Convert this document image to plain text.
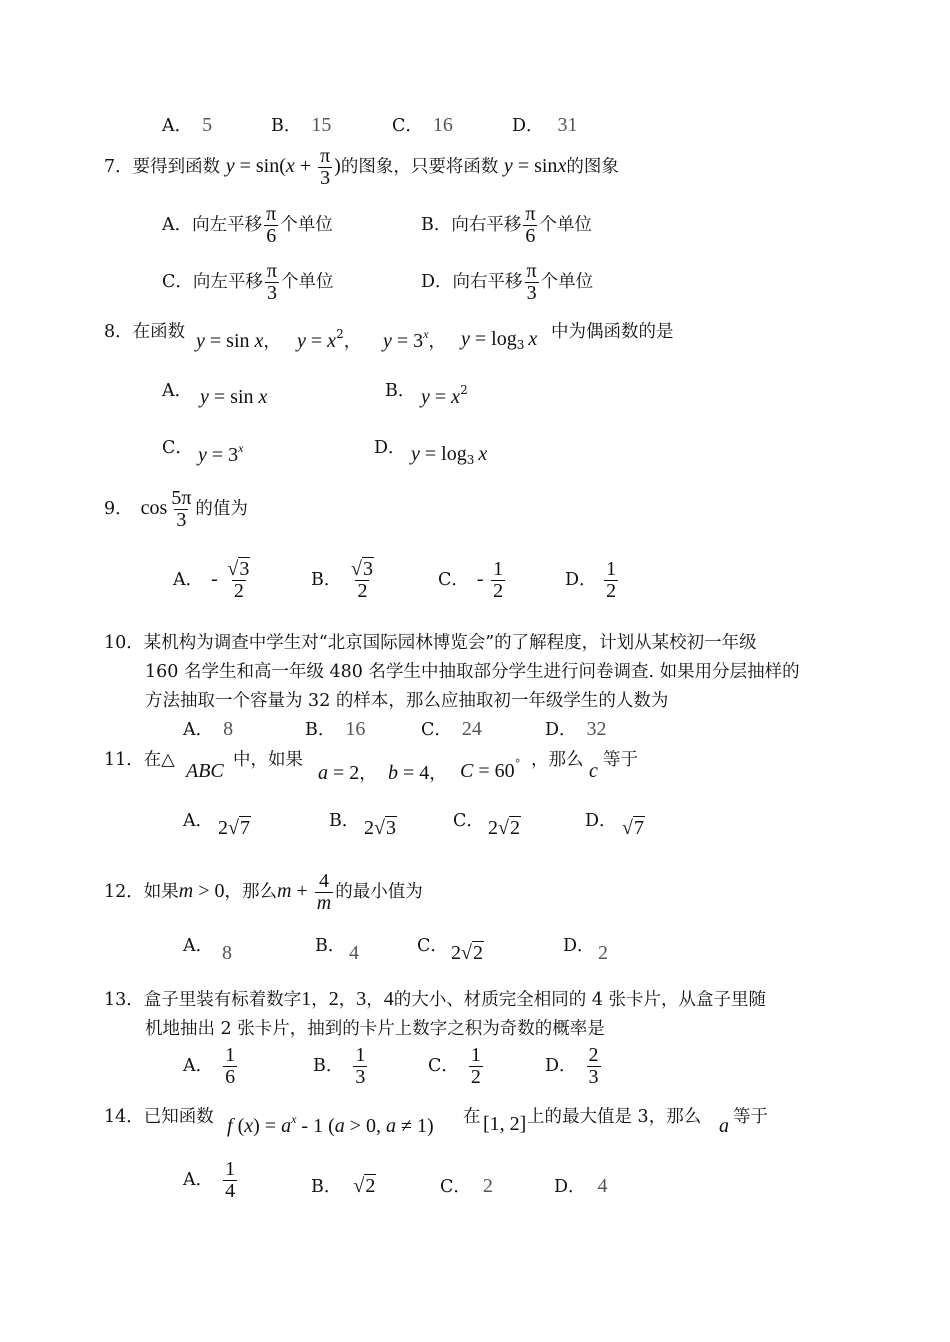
A． 5	B． 15	C． 16	D． 31
7．要得到函数 $y = \sin(x + \frac{\pi}{3}$ )的图象，只要将函数 y = sinx的图象
A．向左平移 $\frac{\pi}{6}$ 个单位	B．向右平移 $\frac{\pi}{6}$ 个单位
C．向左平移 $\frac{\pi}{3}$ 个单位	D．向右平移 $\frac{\pi}{3}$ 个单位
8．在函数 y = sin x， $y = x^2$， $y = 3^x$， $y = \log_3 x$ 中为偶函数的是
A． y = sin x	B． $y = x^2$
C． $y = 3^x$	D． $y = \log_3 x$
9． $\cos \frac{5\pi}{3}$ 的值为
A． - $\frac{√3}{2}$	B． $\frac{√3}{2}$	C． - $\frac{1}{2}$	D． $\frac{1}{2}$
10．某机构为调查中学生对“北京国际园林博览会”的了解程度，计划从某校初一年级
160 名学生和高一年级 480 名学生中抽取部分学生进行问卷调查. 如果用分层抽样的
方法抽取一个容量为 32 的样本，那么应抽取初一年级学生的人数为
A． 8	B． 16	C． 24	D． 32
11．在△ ABC 中，如果
a = 2， b = 4， C = 60° ，那么 c 等于
A． 2√7	B． 2√3	C． 2√2	D． √7
12．如果m > 0，那么$m + \frac{4}{m}$ 的最小值为
A． 8	B． 4	C． 2√2	D． 2
13．盒子里装有标着数字1，2，3，4的大小、材质完全相同的 4 张卡片，从盒子里随
机地抽出 2 张卡片，抽到的卡片上数字之积为奇数的概率是
A． $\frac{1}{6}$	B． $\frac{1}{3}$	C． $\frac{1}{2}$	D． $\frac{2}{3}$
14．已知函数 f $(x) = a^x - 1$ (a > 0, a ≠ 1) 在 [1, 2] 上的最大值是 3，那么 a 等于
A． $\frac{1}{4}$	B． √2	C． 2	D． 4
